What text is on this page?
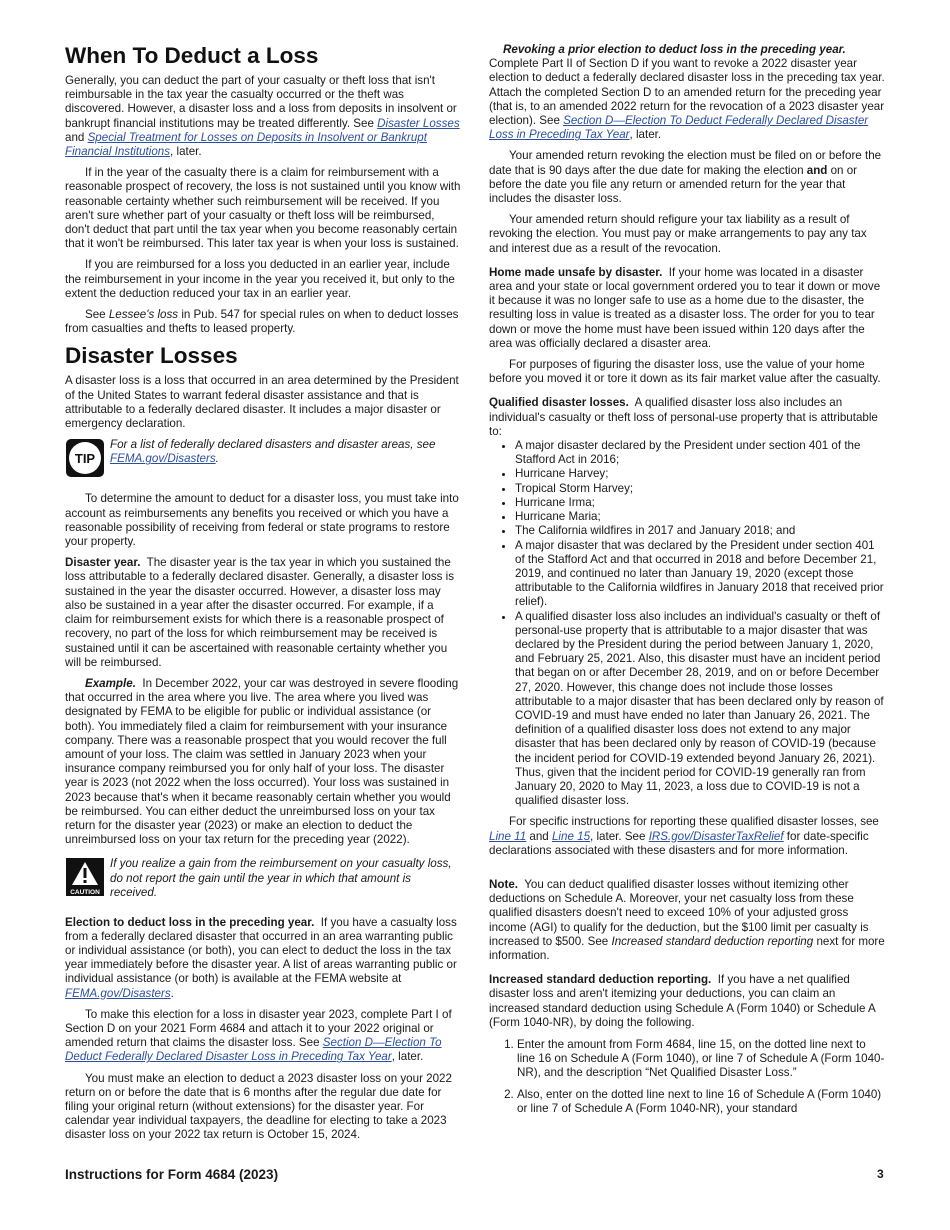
When To Deduct a Loss

Generally, you can deduct the part of your casualty or theft loss that isn't reimbursable in the tax year the casualty occurred or the theft was discovered. However, a disaster loss and a loss from deposits in insolvent or bankrupt financial institutions may be treated differently. See Disaster Losses and Special Treatment for Losses on Deposits in Insolvent or Bankrupt Financial Institutions, later.

If in the year of the casualty there is a claim for reimbursement with a reasonable prospect of recovery, the loss is not sustained until you know with reasonable certainty whether such reimbursement will be received. If you aren't sure whether part of your casualty or theft loss will be reimbursed, don't deduct that part until the tax year when you become reasonably certain that it won't be reimbursed. This later tax year is when your loss is sustained.

If you are reimbursed for a loss you deducted in an earlier year, include the reimbursement in your income in the year you received it, but only to the extent the deduction reduced your tax in an earlier year.

See Lessee's loss in Pub. 547 for special rules on when to deduct losses from casualties and thefts to leased property.

Disaster Losses

A disaster loss is a loss that occurred in an area determined by the President of the United States to warrant federal disaster assistance and that is attributable to a federally declared disaster. It includes a major disaster or emergency declaration.

TIP
For a list of federally declared disasters and disaster areas, see FEMA.gov/Disasters.

To determine the amount to deduct for a disaster loss, you must take into account as reimbursements any benefits you received or which you have a reasonable possibility of receiving from federal or state programs to restore your property.

Disaster year. The disaster year is the tax year in which you sustained the loss attributable to a federally declared disaster. Generally, a disaster loss is sustained in the year the disaster occurred. However, a disaster loss may also be sustained in a year after the disaster occurred. For example, if a claim for reimbursement exists for which there is a reasonable prospect of recovery, no part of the loss for which reimbursement may be received is sustained until it can be ascertained with reasonable certainty whether you will be reimbursed.

Example. In December 2022, your car was destroyed in severe flooding that occurred in the area where you live. The area where you lived was designated by FEMA to be eligible for public or individual assistance (or both). You immediately filed a claim for reimbursement with your insurance company. There was a reasonable prospect that you would recover the full amount of your loss. The claim was settled in January 2023 when your insurance company reimbursed you for only half of your loss. The disaster year is 2023 (not 2022 when the loss occurred). Your loss was sustained in 2023 because that's when it became reasonably certain whether you would be reimbursed. You can either deduct the unreimbursed loss on your tax return for the disaster year (2023) or make an election to deduct the unreimbursed loss on your tax return for the preceding year (2022).

CAUTION
If you realize a gain from the reimbursement on your casualty loss, do not report the gain until the year in which that amount is received.

Election to deduct loss in the preceding year. If you have a casualty loss from a federally declared disaster that occurred in an area warranting public or individual assistance (or both), you can elect to deduct the loss in the tax year immediately before the disaster year. A list of areas warranting public or individual assistance (or both) is available at the FEMA website at FEMA.gov/Disasters.

To make this election for a loss in disaster year 2023, complete Part I of Section D on your 2021 Form 4684 and attach it to your 2022 original or amended return that claims the disaster loss. See Section D—Election To Deduct Federally Declared Disaster Loss in Preceding Tax Year, later.

You must make an election to deduct a 2023 disaster loss on your 2022 return on or before the date that is 6 months after the regular due date for filing your original return (without extensions) for the disaster year. For calendar year individual taxpayers, the deadline for electing to take a 2023 disaster loss on your 2022 tax return is October 15, 2024.

Revoking a prior election to deduct loss in the preceding year.
Complete Part II of Section D if you want to revoke a 2022 disaster year election to deduct a federally declared disaster loss in the preceding tax year. Attach the completed Section D to an amended return for the preceding year (that is, to an amended 2022 return for the revocation of a 2023 disaster year election). See Section D—Election To Deduct Federally Declared Disaster Loss in Preceding Tax Year, later.

Your amended return revoking the election must be filed on or before the date that is 90 days after the due date for making the election and on or before the date you file any return or amended return for the year that includes the disaster loss.

Your amended return should refigure your tax liability as a result of revoking the election. You must pay or make arrangements to pay any tax and interest due as a result of the revocation.

Home made unsafe by disaster. If your home was located in a disaster area and your state or local government ordered you to tear it down or move it because it was no longer safe to use as a home due to the disaster, the resulting loss in value is treated as a disaster loss. The order for you to tear down or move the home must have been issued within 120 days after the area was officially declared a disaster area.

For purposes of figuring the disaster loss, use the value of your home before you moved it or tore it down as its fair market value after the casualty.

Qualified disaster losses. A qualified disaster loss also includes an individual's casualty or theft loss of personal-use property that is attributable to:

• A major disaster declared by the President under section 401 of the Stafford Act in 2016;
• Hurricane Harvey;
• Tropical Storm Harvey;
• Hurricane Irma;
• Hurricane Maria;
• The California wildfires in 2017 and January 2018; and
• A major disaster that was declared by the President under section 401 of the Stafford Act and that occurred in 2018 and before December 21, 2019, and continued no later than January 19, 2020 (except those attributable to the California wildfires in January 2018 that received prior relief).
• A qualified disaster loss also includes an individual's casualty or theft of personal-use property that is attributable to a major disaster that was declared by the President during the period between January 1, 2020, and February 25, 2021. Also, this disaster must have an incident period that began on or after December 28, 2019, and on or before December 27, 2020. However, this change does not include those losses attributable to a major disaster that has been declared only by reason of COVID-19 and must have ended no later than January 26, 2021. The definition of a qualified disaster loss does not extend to any major disaster that has been declared only by reason of COVID-19 (because the incident period for COVID-19 extended beyond January 26, 2021). Thus, given that the incident period for COVID-19 generally ran from January 20, 2020 to May 11, 2023, a loss due to COVID-19 is not a qualified disaster loss.

For specific instructions for reporting these qualified disaster losses, see Line 11 and Line 15, later. See IRS.gov/DisasterTaxRelief for date-specific declarations associated with these disasters and for more information.

Note. You can deduct qualified disaster losses without itemizing other deductions on Schedule A. Moreover, your net casualty loss from these qualified disasters doesn't need to exceed 10% of your adjusted gross income (AGI) to qualify for the deduction, but the $100 limit per casualty is increased to $500. See Increased standard deduction reporting next for more information.

Increased standard deduction reporting. If you have a net qualified disaster loss and aren't itemizing your deductions, you can claim an increased standard deduction using Schedule A (Form 1040) or Schedule A (Form 1040-NR), by doing the following.

1. Enter the amount from Form 4684, line 15, on the dotted line next to line 16 on Schedule A (Form 1040), or line 7 of Schedule A (Form 1040-NR), and the description “Net Qualified Disaster Loss.”
2. Also, enter on the dotted line next to line 16 of Schedule A (Form 1040) or line 7 of Schedule A (Form 1040-NR), your standard
Instructions for Form 4684 (2023)	3
